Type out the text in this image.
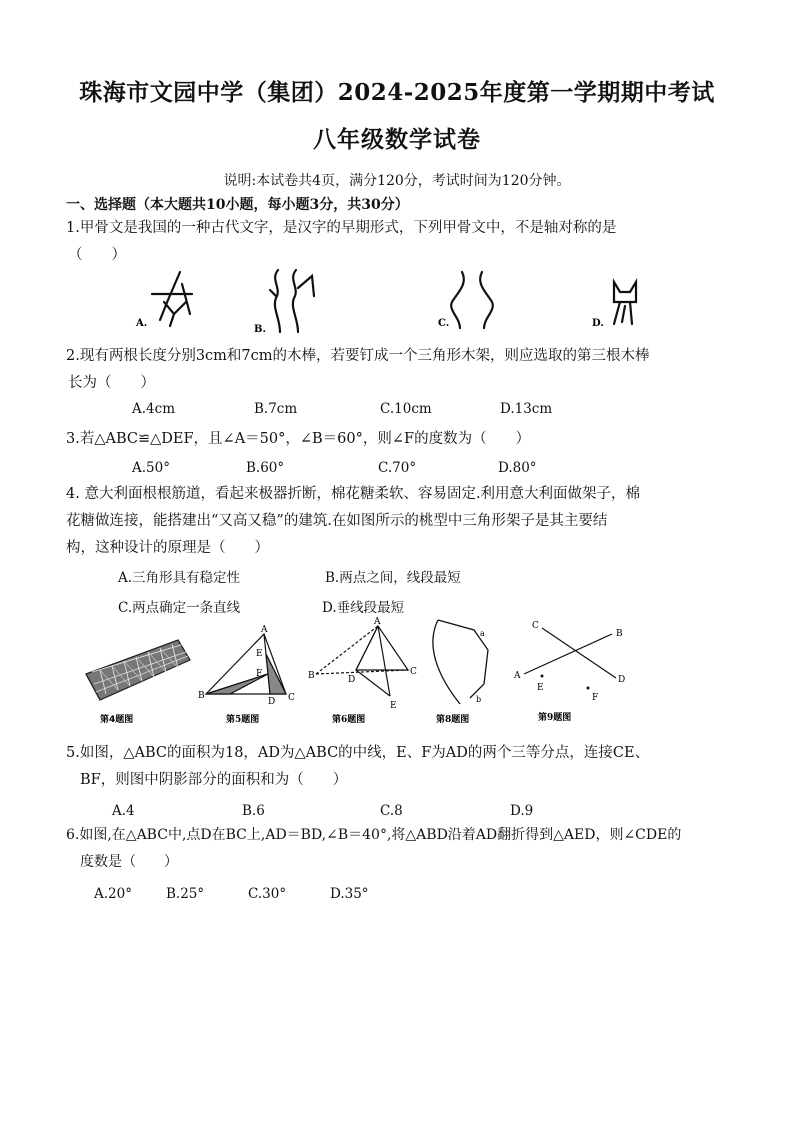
珠海市文园中学（集团）2024-2025年度第一学期期中考试
八年级数学试卷
说明:本试卷共4页，满分120分，考试时间为120分钟。
一、选择题（本大题共10小题，每小题3分，共30分）
1.甲骨文是我国的一种古代文字，是汉字的早期形式，下列甲骨文中，不是轴对称的是

（　　）
A.
B.
C.	D.
2.现有两根长度分别3cm和7cm的木棒，若要钉成一个三角形木架，则应选取的第三根木棒
长为（　　）
A.4cm	B.7cm	C.10cm	D.13cm
3.若△ABC≌△DEF，且∠A＝50°，∠B＝60°，则∠F的度数为（　　）
A.50°	B.60°	C.70°	D.80°
4. 意大利面根根筋道，看起来极器折断，棉花糖柔软、容易固定.利用意大利面做架子，棉
花糖做连接，能搭建出“又高又稳”的建筑.在如图所示的桃型中三角形架子是其主要结
构，这种设计的原理是（　　）
A.三角形具有稳定性	B.两点之间，线段最短
C.两点确定一条直线	D.垂线段最短
第4题图
A
E
F
B
D C
第5题图
A
B	D
C
E
第6题图
a
b
第8题图
C
B
A	D
E
F
第9题图
5.如图，△ABC的面积为18，AD为△ABC的中线，E、F为AD的两个三等分点，连接CE、

BF，则图中阴影部分的面积和为（　　）
A.4	B.6	C.8	D.9
6.如图,在△ABC中,点D在BC上,AD＝BD,∠B＝40°,将△ABD沿着AD翻折得到△AED，则∠CDE的

度数是（　　）
A.20°	B.25°	C.30°	D.35°
